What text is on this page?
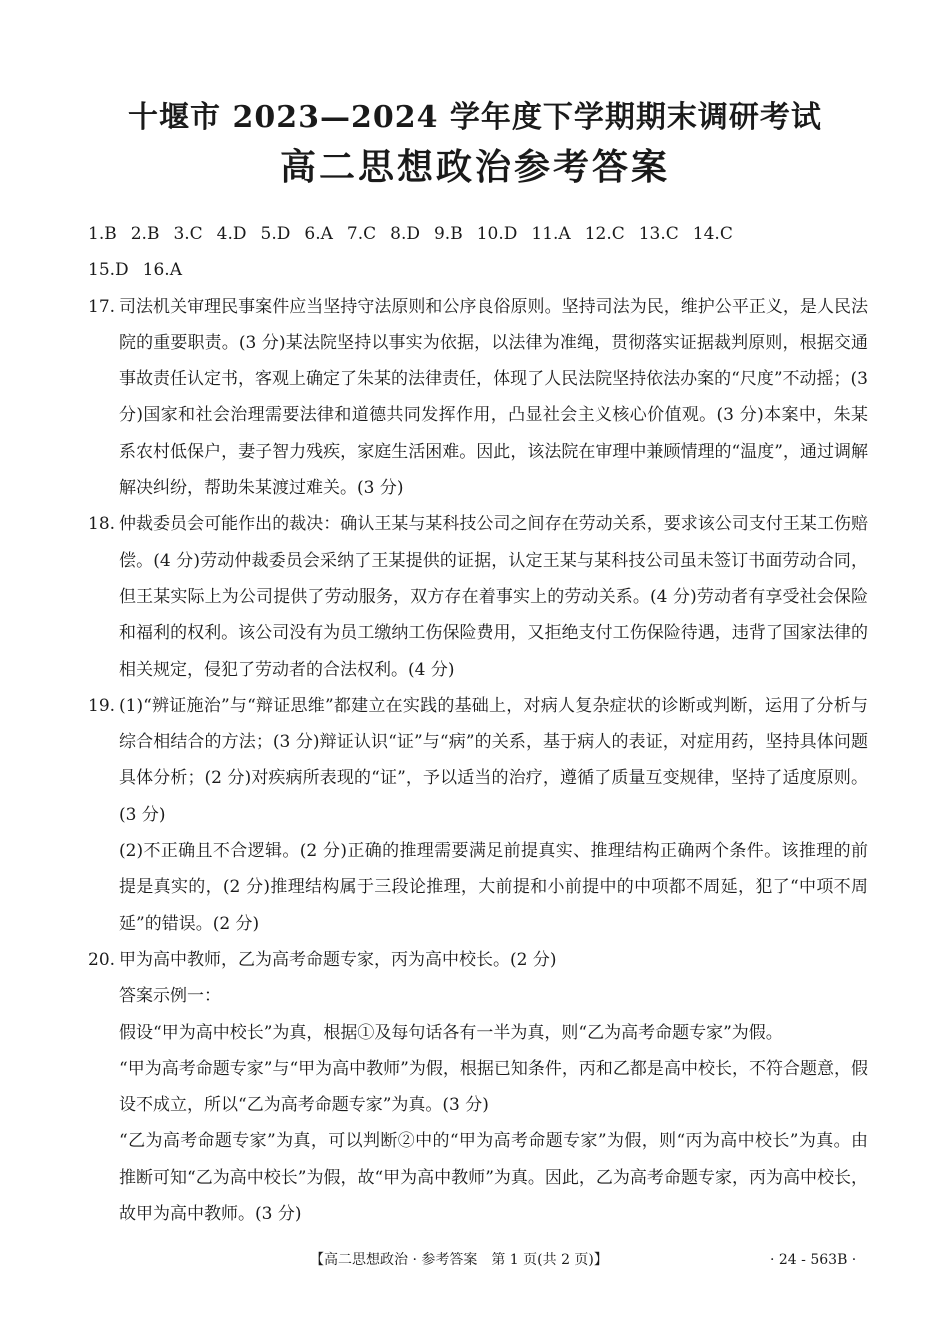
十堰市 2023—2024 学年度下学期期末调研考试
高二思想政治参考答案
1.B 2.B 3.C 4.D 5.D 6.A 7.C 8.D 9.B 10.D 11.A 12.C 13.C 14.C
15.D 16.A
17. 司法机关审理民事案件应当坚持守法原则和公序良俗原则。坚持司法为民，维护公平正义，是人民法院的重要职责。(3 分)某法院坚持以事实为依据，以法律为准绳，贯彻落实证据裁判原则，根据交通事故责任认定书，客观上确定了朱某的法律责任，体现了人民法院坚持依法办案的“尺度”不动摇；(3 分)国家和社会治理需要法律和道德共同发挥作用，凸显社会主义核心价值观。(3 分)本案中，朱某系农村低保户，妻子智力残疾，家庭生活困难。因此，该法院在审理中兼顾情理的“温度”，通过调解解决纠纷，帮助朱某渡过难关。(3 分)
18. 仲裁委员会可能作出的裁决：确认王某与某科技公司之间存在劳动关系，要求该公司支付王某工伤赔偿。(4 分)劳动仲裁委员会采纳了王某提供的证据，认定王某与某科技公司虽未签订书面劳动合同，但王某实际上为公司提供了劳动服务，双方存在着事实上的劳动关系。(4 分)劳动者有享受社会保险和福利的权利。该公司没有为员工缴纳工伤保险费用，又拒绝支付工伤保险待遇，违背了国家法律的相关规定，侵犯了劳动者的合法权利。(4 分)
19. (1)“辨证施治”与“辩证思维”都建立在实践的基础上，对病人复杂症状的诊断或判断，运用了分析与综合相结合的方法；(3 分)辩证认识“证”与“病”的关系，基于病人的表证，对症用药，坚持具体问题具体分析；(2 分)对疾病所表现的“证”，予以适当的治疗，遵循了质量互变规律，坚持了适度原则。(3 分)
(2)不正确且不合逻辑。(2 分)正确的推理需要满足前提真实、推理结构正确两个条件。该推理的前提是真实的，(2 分)推理结构属于三段论推理，大前提和小前提中的中项都不周延，犯了“中项不周延”的错误。(2 分)
20. 甲为高中教师，乙为高考命题专家，丙为高中校长。(2 分)
答案示例一：
假设“甲为高中校长”为真，根据①及每句话各有一半为真，则“乙为高考命题专家”为假。
“甲为高考命题专家”与“甲为高中教师”为假，根据已知条件，丙和乙都是高中校长，不符合题意，假设不成立，所以“乙为高考命题专家”为真。(3 分)
“乙为高考命题专家”为真，可以判断②中的“甲为高考命题专家”为假，则“丙为高中校长”为真。由推断可知“乙为高中校长”为假，故“甲为高中教师”为真。因此，乙为高考命题专家，丙为高中校长，故甲为高中教师。(3 分)
【高二思想政治 · 参考答案　第 1 页(共 2 页)】	· 24 - 563B ·
